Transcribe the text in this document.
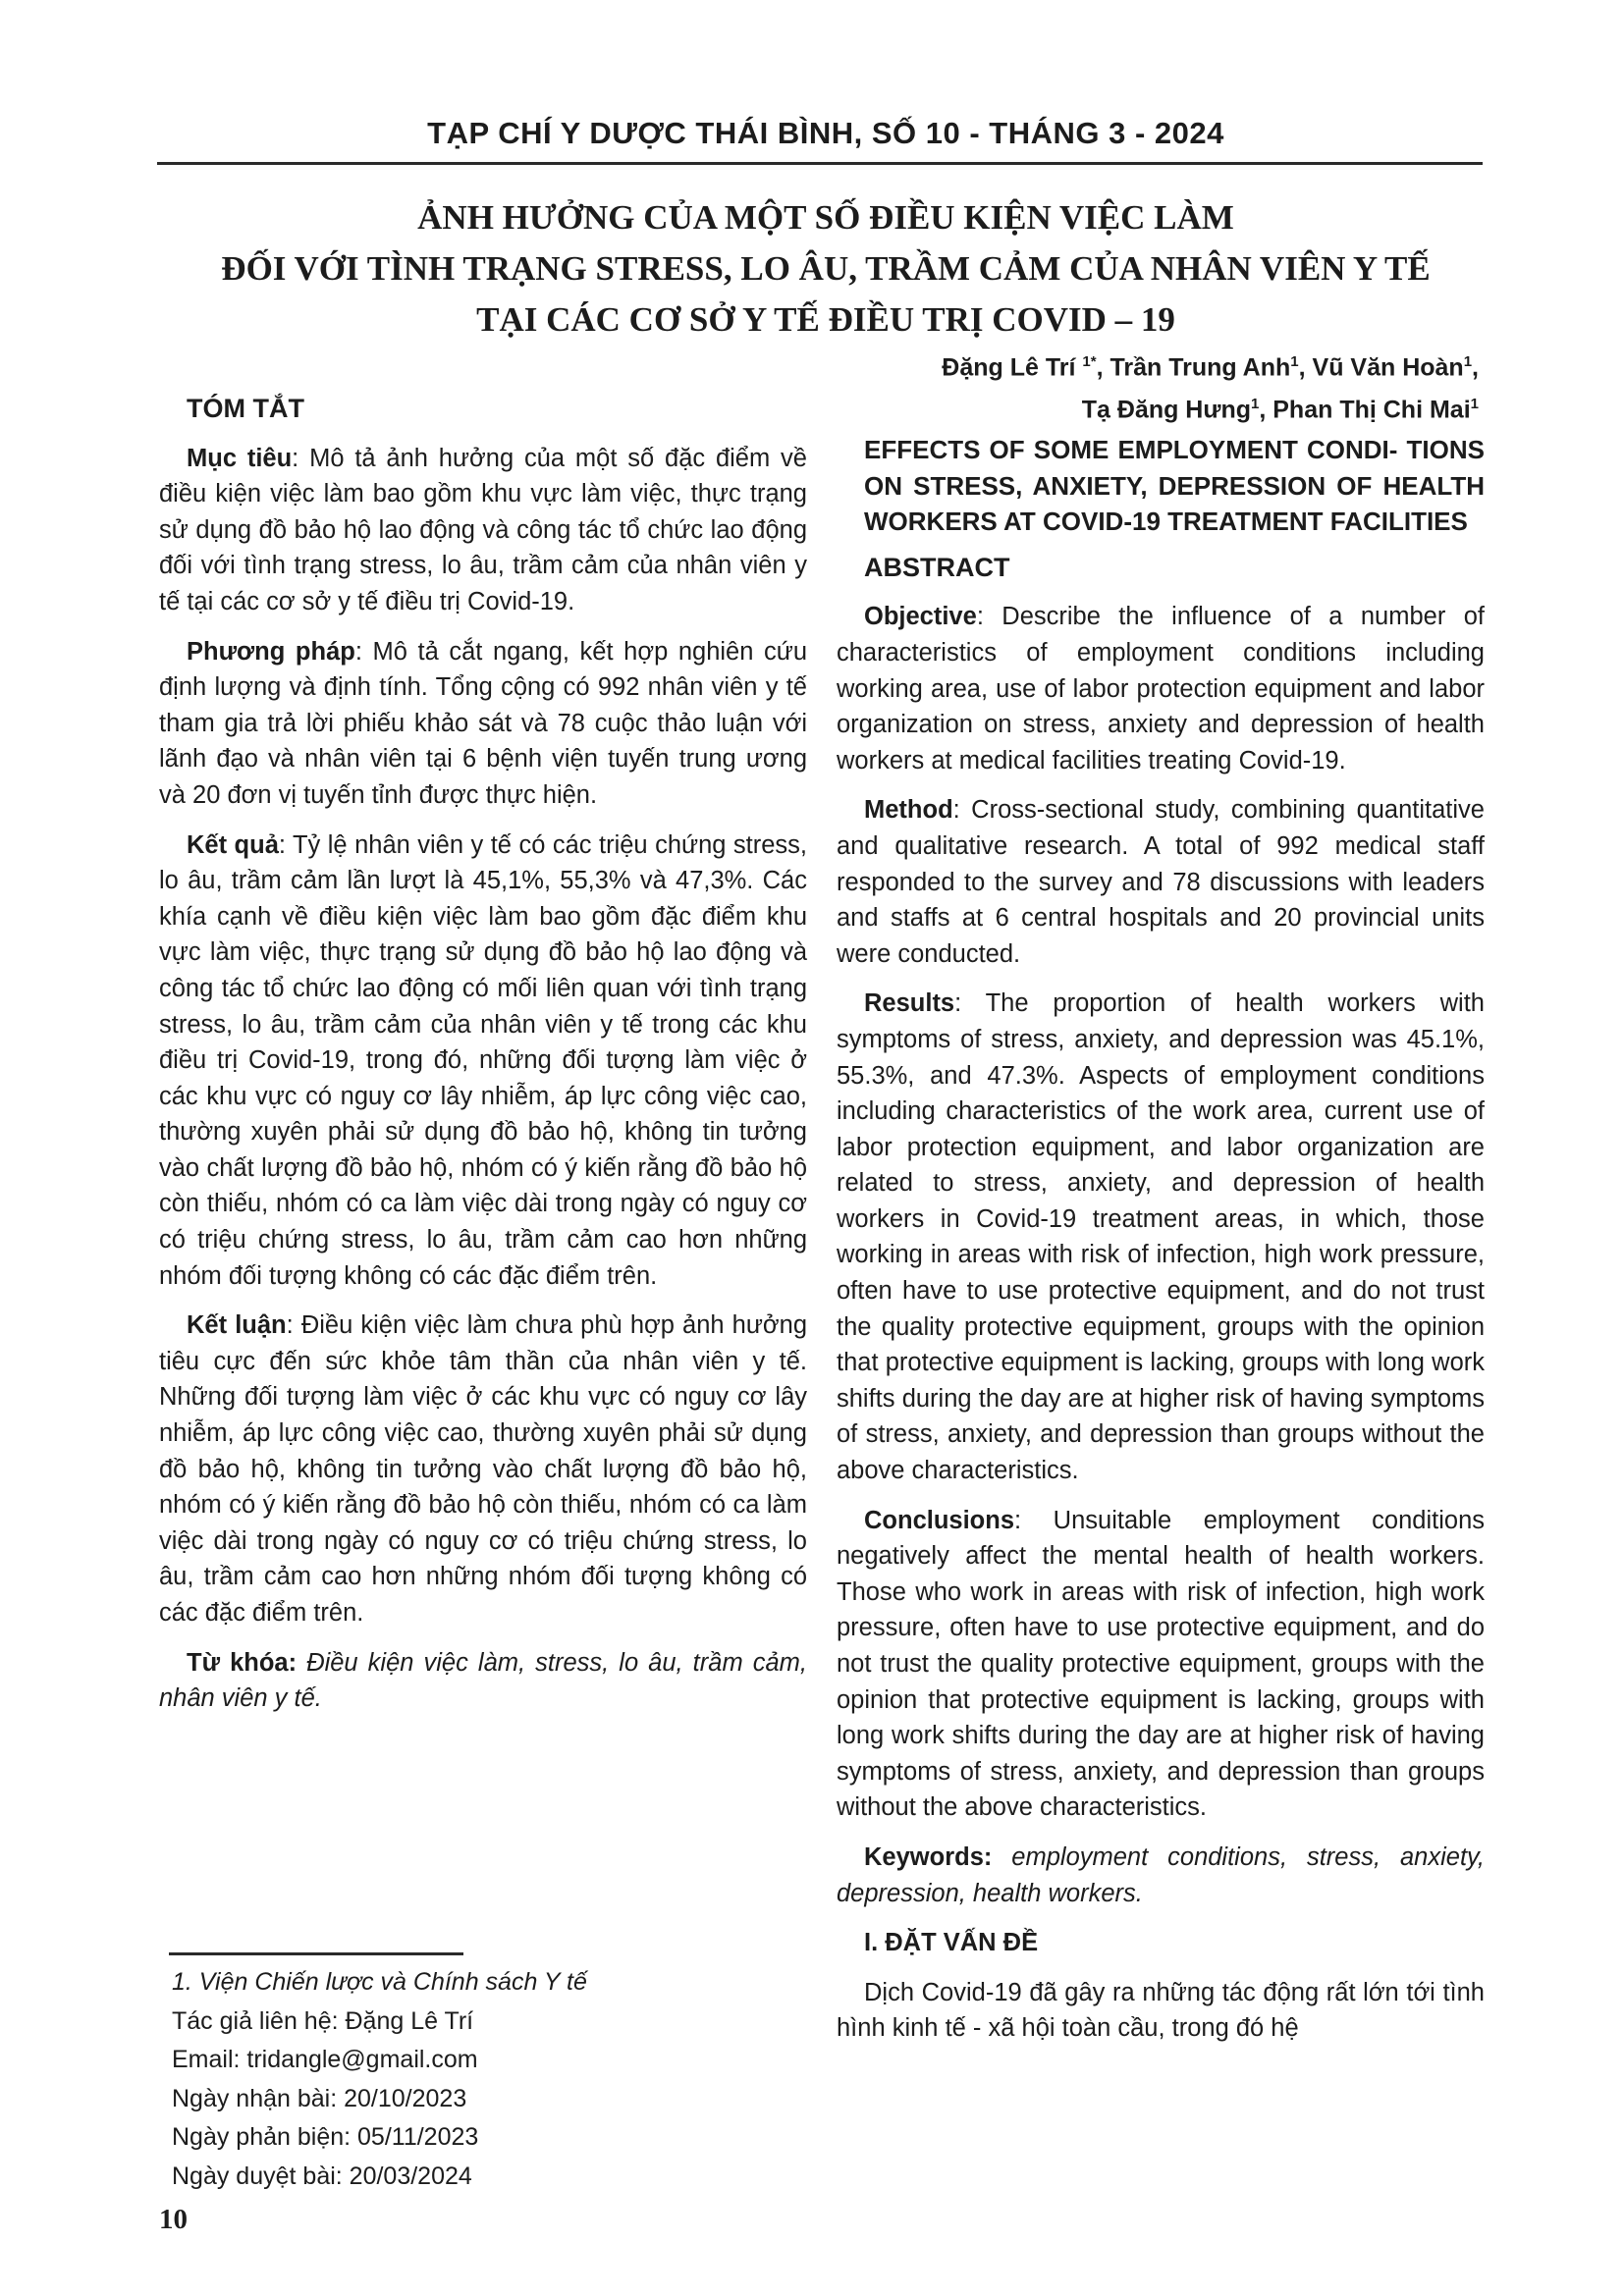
TẠP CHÍ Y DƯỢC THÁI BÌNH, SỐ 10 - THÁNG 3 - 2024
ẢNH HƯỞNG CỦA MỘT SỐ ĐIỀU KIỆN VIỆC LÀM
ĐỐI VỚI TÌNH TRẠNG STRESS, LO ÂU, TRẦM CẢM CỦA NHÂN VIÊN Y TẾ
TẠI CÁC CƠ SỞ Y TẾ ĐIỀU TRỊ COVID – 19
Đặng Lê Trí $^{1*}$, Trần Trung Anh$^1$, Vũ Văn Hoàn$^1$,
Tạ Đăng Hưng$^1$, Phan Thị Chi Mai$^1$
TÓM TẮT

Mục tiêu: Mô tả ảnh hưởng của một số đặc điểm về điều kiện việc làm bao gồm khu vực làm việc, thực trạng sử dụng đồ bảo hộ lao động và công tác tổ chức lao động đối với tình trạng stress, lo âu, trầm cảm của nhân viên y tế tại các cơ sở y tế điều trị Covid-19.

Phương pháp: Mô tả cắt ngang, kết hợp nghiên cứu định lượng và định tính. Tổng cộng có 992 nhân viên y tế tham gia trả lời phiếu khảo sát và 78 cuộc thảo luận với lãnh đạo và nhân viên tại 6 bệnh viện tuyến trung ương và 20 đơn vị tuyến tỉnh được thực hiện.

Kết quả: Tỷ lệ nhân viên y tế có các triệu chứng stress, lo âu, trầm cảm lần lượt là 45,1%, 55,3% và 47,3%. Các khía cạnh về điều kiện việc làm bao gồm đặc điểm khu vực làm việc, thực trạng sử dụng đồ bảo hộ lao động và công tác tổ chức lao động có mối liên quan với tình trạng stress, lo âu, trầm cảm của nhân viên y tế trong các khu điều trị Covid-19, trong đó, những đối tượng làm việc ở các khu vực có nguy cơ lây nhiễm, áp lực công việc cao, thường xuyên phải sử dụng đồ bảo hộ, không tin tưởng vào chất lượng đồ bảo hộ, nhóm có ý kiến rằng đồ bảo hộ còn thiếu, nhóm có ca làm việc dài trong ngày có nguy cơ có triệu chứng stress, lo âu, trầm cảm cao hơn những nhóm đối tượng không có các đặc điểm trên.

Kết luận: Điều kiện việc làm chưa phù hợp ảnh hưởng tiêu cực đến sức khỏe tâm thần của nhân viên y tế. Những đối tượng làm việc ở các khu vực có nguy cơ lây nhiễm, áp lực công việc cao, thường xuyên phải sử dụng đồ bảo hộ, không tin tưởng vào chất lượng đồ bảo hộ, nhóm có ý kiến rằng đồ bảo hộ còn thiếu, nhóm có ca làm việc dài trong ngày có nguy cơ có triệu chứng stress, lo âu, trầm cảm cao hơn những nhóm đối tượng không có các đặc điểm trên.

Từ khóa: Điều kiện việc làm, stress, lo âu, trầm cảm, nhân viên y tế.

1. Viện Chiến lược và Chính sách Y tế
Tác giả liên hệ: Đặng Lê Trí
Email: tridangle@gmail.com
Ngày nhận bài: 20/10/2023
Ngày phản biện: 05/11/2023
Ngày duyệt bài: 20/03/2024
EFFECTS OF SOME EMPLOYMENT CONDI- TIONS ON STRESS, ANXIETY, DEPRESSION OF HEALTH WORKERS AT COVID-19 TREATMENT FACILITIES
ABSTRACT

Objective: Describe the influence of a number of characteristics of employment conditions including working area, use of labor protection equipment and labor organization on stress, anxiety and depression of health workers at medical facilities treating Covid-19.

Method: Cross-sectional study, combining quantitative and qualitative research. A total of 992 medical staff responded to the survey and 78 discussions with leaders and staffs at 6 central hospitals and 20 provincial units were conducted.

Results: The proportion of health workers with symptoms of stress, anxiety, and depression was 45.1%, 55.3%, and 47.3%. Aspects of employment conditions including characteristics of the work area, current use of labor protection equipment, and labor organization are related to stress, anxiety, and depression of health workers in Covid-19 treatment areas, in which, those working in areas with risk of infection, high work pressure, often have to use protective equipment, and do not trust the quality protective equipment, groups with the opinion that protective equipment is lacking, groups with long work shifts during the day are at higher risk of having symptoms of stress, anxiety, and depression than groups without the above characteristics.

Conclusions: Unsuitable employment conditions negatively affect the mental health of health workers. Those who work in areas with risk of infection, high work pressure, often have to use protective equipment, and do not trust the quality protective equipment, groups with the opinion that protective equipment is lacking, groups with long work shifts during the day are at higher risk of having symptoms of stress, anxiety, and depression than groups without the above characteristics.

Keywords: employment conditions, stress, anxiety, depression, health workers.

I. ĐẶT VẤN ĐỀ

Dịch Covid-19 đã gây ra những tác động rất lớn tới tình hình kinh tế - xã hội toàn cầu, trong đó hệ

10
